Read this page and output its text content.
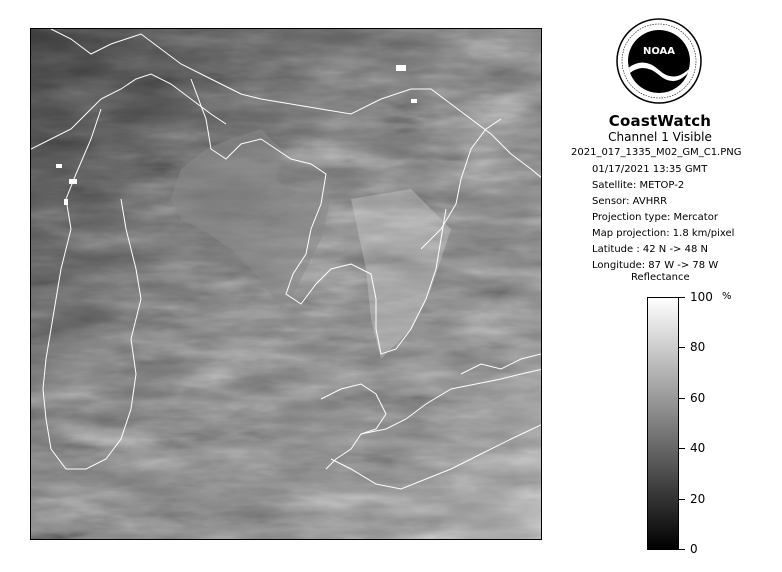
NOAA
CoastWatch
Channel 1 Visible
2021_017_1335_M02_GM_C1.PNG
01/17/2021 13:35 GMT
Satellite: METOP-2
Sensor: AVHRR
Projection type: Mercator
Map projection: 1.8 km/pixel
Latitude : 42 N -> 48 N
Longitude: 87 W -> 78 W
Reflectance
%
100
80
60
40
20
0
